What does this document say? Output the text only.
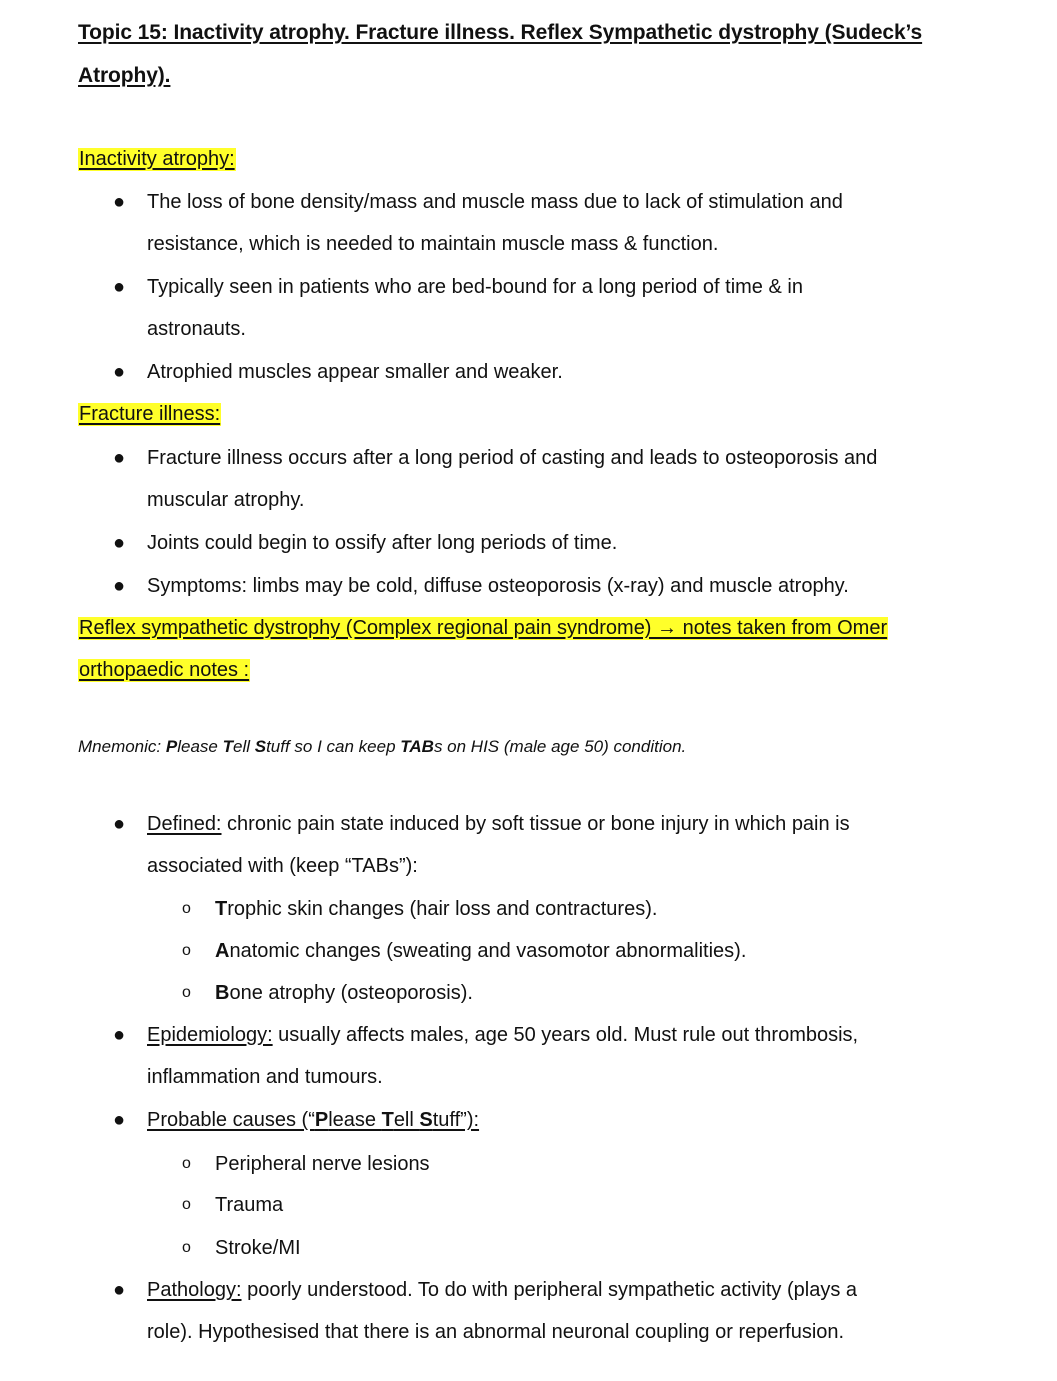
Topic 15: Inactivity atrophy. Fracture illness. Reflex Sympathetic dystrophy (Sudeck’s
Atrophy).
Inactivity atrophy:
● The loss of bone density/mass and muscle mass due to lack of stimulation and
resistance, which is needed to maintain muscle mass & function.
● Typically seen in patients who are bed-bound for a long period of time & in
astronauts.
● Atrophied muscles appear smaller and weaker.
Fracture illness:
● Fracture illness occurs after a long period of casting and leads to osteoporosis and
muscular atrophy.
● Joints could begin to ossify after long periods of time.
● Symptoms: limbs may be cold, diffuse osteoporosis (x-ray) and muscle atrophy.
Reflex sympathetic dystrophy (Complex regional pain syndrome) → notes taken from Omer
orthopaedic notes :
Mnemonic: Please Tell Stuff so I can keep TABs on HIS (male age 50) condition.
● Defined: chronic pain state induced by soft tissue or bone injury in which pain is
associated with (keep “TABs”):
o Trophic skin changes (hair loss and contractures).
o Anatomic changes (sweating and vasomotor abnormalities).
o Bone atrophy (osteoporosis).
● Epidemiology: usually affects males, age 50 years old. Must rule out thrombosis,
inflammation and tumours.
● Probable causes (“Please Tell Stuff”):
o Peripheral nerve lesions
o Trauma
o Stroke/MI
● Pathology: poorly understood. To do with peripheral sympathetic activity (plays a
role). Hypothesised that there is an abnormal neuronal coupling or reperfusion.
